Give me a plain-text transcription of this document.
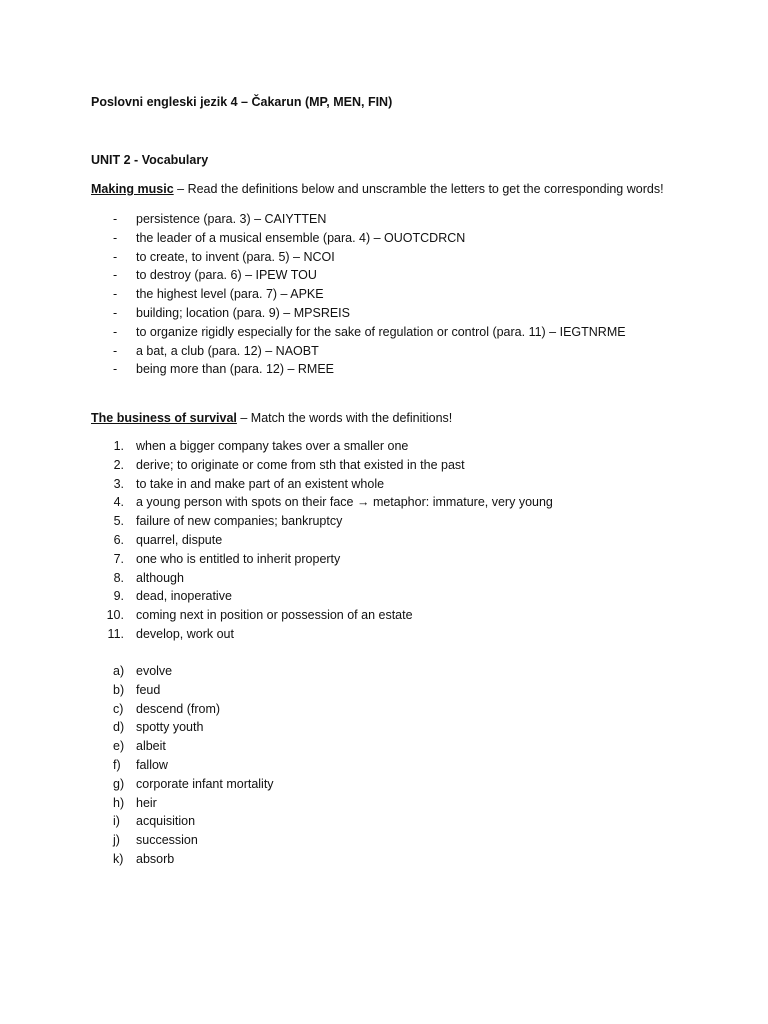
Poslovni engleski jezik 4 – Čakarun (MP, MEN, FIN)
UNIT 2 - Vocabulary
Making music – Read the definitions below and unscramble the letters to get the corresponding words!
- persistence (para. 3) – CAIYTTEN
- the leader of a musical ensemble (para. 4) – OUOTCDRCN
- to create, to invent (para. 5) – NCOI
- to destroy (para. 6) – IPEW TOU
- the highest level (para. 7) – APKE
- building; location (para. 9) – MPSREIS
- to organize rigidly especially for the sake of regulation or control (para. 11) – IEGTNRME
- a bat, a club (para. 12) – NAOBT
- being more than (para. 12) – RMEE
The business of survival – Match the words with the definitions!
1. when a bigger company takes over a smaller one
2. derive; to originate or come from sth that existed in the past
3. to take in and make part of an existent whole
4. a young person with spots on their face → metaphor: immature, very young
5. failure of new companies; bankruptcy
6. quarrel, dispute
7. one who is entitled to inherit property
8. although
9. dead, inoperative
10. coming next in position or possession of an estate
11. develop, work out
a) evolve
b) feud
c) descend (from)
d) spotty youth
e) albeit
f) fallow
g) corporate infant mortality
h) heir
i) acquisition
j) succession
k) absorb
